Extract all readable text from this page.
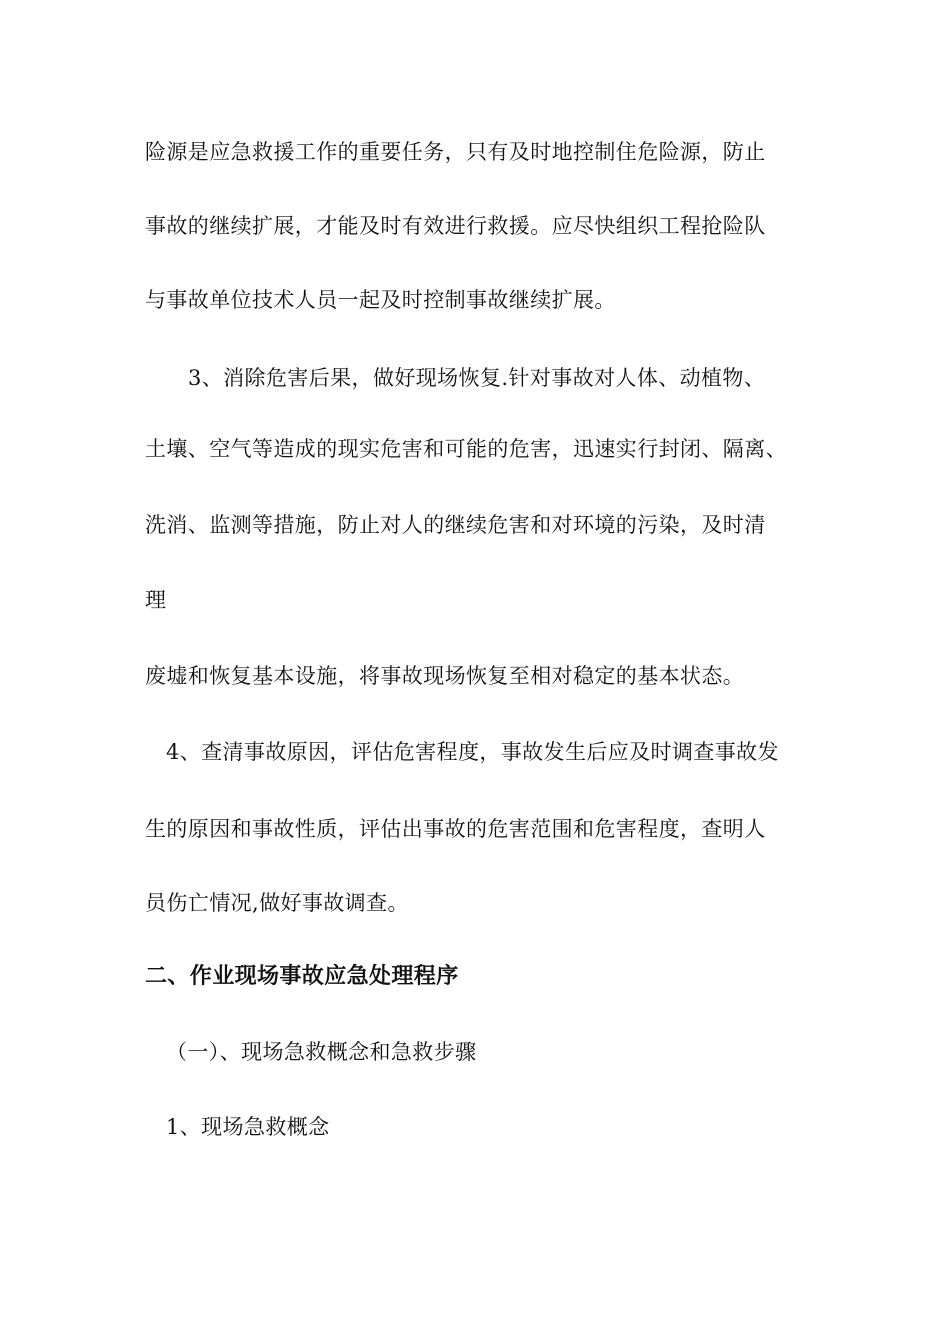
险源是应急救援工作的重要任务，只有及时地控制住危险源，防止
事故的继续扩展，才能及时有效进行救援。应尽快组织工程抢险队
与事故单位技术人员一起及时控制事故继续扩展。
3、消除危害后果，做好现场恢复.针对事故对人体、动植物、
土壤、空气等造成的现实危害和可能的危害，迅速实行封闭、隔离、
洗消、监测等措施，防止对人的继续危害和对环境的污染，及时清
理
废墟和恢复基本设施，将事故现场恢复至相对稳定的基本状态。
4、查清事故原因，评估危害程度，事故发生后应及时调查事故发
生的原因和事故性质，评估出事故的危害范围和危害程度，查明人
员伤亡情况,做好事故调查。
二、作业现场事故应急处理程序
（一）、现场急救概念和急救步骤
1、现场急救概念
